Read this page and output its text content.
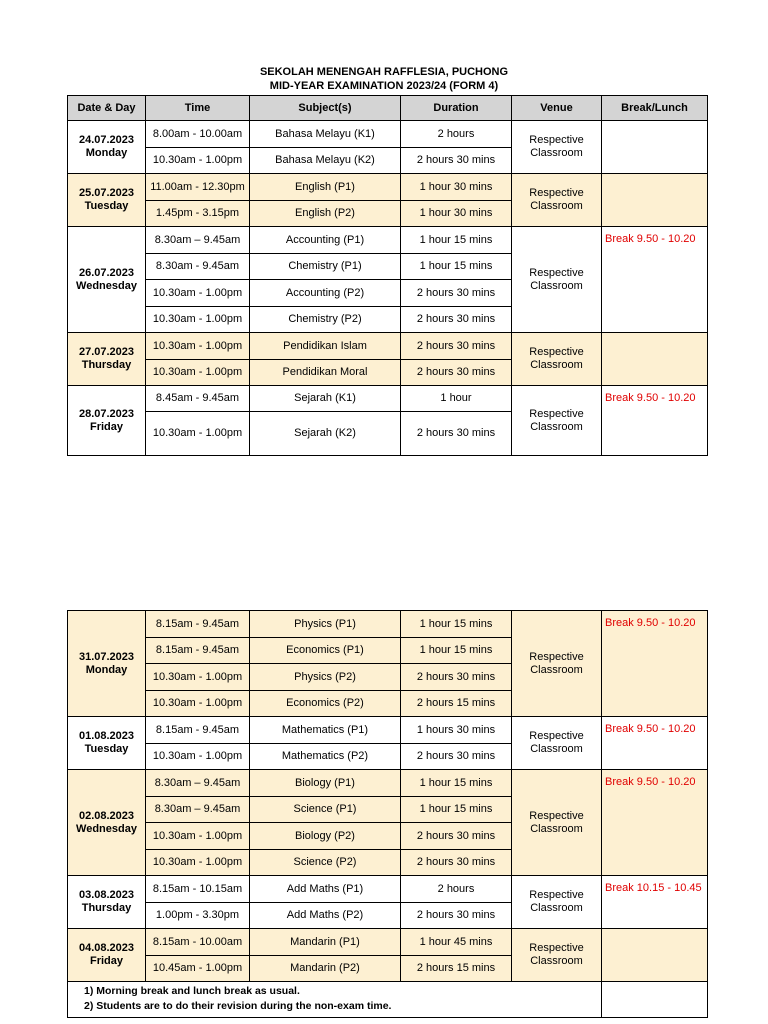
SEKOLAH MENENGAH RAFFLESIA, PUCHONG
MID-YEAR EXAMINATION 2023/24 (FORM 4)
Date & Day	Time	Subject(s)	Duration	Venue	Break/Lunch

24.07.2023
Monday	8.00am - 10.00am	Bahasa Melayu (K1)	2 hours	Respective Classroom	
	10.30am - 1.00pm	Bahasa Melayu (K2)	2 hours 30 mins		

25.07.2023
Tuesday	11.00am - 12.30pm	English (P1)	1 hour 30 mins	Respective Classroom	
	1.45pm - 3.15pm	English (P2)	1 hour 30 mins		

26.07.2023
Wednesday	8.30am – 9.45am	Accounting (P1)	1 hour 15 mins	Respective Classroom	Break 9.50 - 10.20
	8.30am - 9.45am	Chemistry (P1)	1 hour 15 mins		
	10.30am - 1.00pm	Accounting (P2)	2 hours 30 mins		
	10.30am - 1.00pm	Chemistry (P2)	2 hours 30 mins		

27.07.2023
Thursday	10.30am - 1.00pm	Pendidikan Islam	2 hours 30 mins	Respective Classroom	
	10.30am - 1.00pm	Pendidikan Moral	2 hours 30 mins		

28.07.2023
Friday	8.45am - 9.45am	Sejarah (K1)	1 hour	Respective Classroom	Break 9.50 - 10.20
	10.30am - 1.00pm	Sejarah (K2)	2 hours 30 mins		
31.07.2023
Monday	8.15am - 9.45am	Physics (P1)	1 hour 15 mins	Respective Classroom	Break 9.50 - 10.20
	8.15am - 9.45am	Economics (P1)	1 hour 15 mins		
	10.30am - 1.00pm	Physics (P2)	2 hours 30 mins		
	10.30am - 1.00pm	Economics (P2)	2 hours 15 mins		

01.08.2023
Tuesday	8.15am - 9.45am	Mathematics (P1)	1 hours 30 mins	Respective Classroom	Break 9.50 - 10.20
	10.30am - 1.00pm	Mathematics (P2)	2 hours 30 mins		

02.08.2023
Wednesday	8.30am – 9.45am	Biology (P1)	1 hour 15 mins	Respective Classroom	Break 9.50 - 10.20
	8.30am – 9.45am	Science (P1)	1 hour 15 mins		
	10.30am - 1.00pm	Biology (P2)	2 hours 30 mins		
	10.30am - 1.00pm	Science (P2)	2 hours 30 mins		

03.08.2023
Thursday	8.15am - 10.15am	Add Maths (P1)	2 hours	Respective Classroom	Break 10.15 - 10.45
	1.00pm - 3.30pm	Add Maths (P2)	2 hours 30 mins		

04.08.2023
Friday	8.15am - 10.00am	Mandarin (P1)	1 hour 45 mins	Respective Classroom	
	10.45am - 1.00pm	Mandarin (P2)	2 hours 15 mins		

1) Morning break and lunch break as usual.
2) Students are to do their revision during the non-exam time.					
